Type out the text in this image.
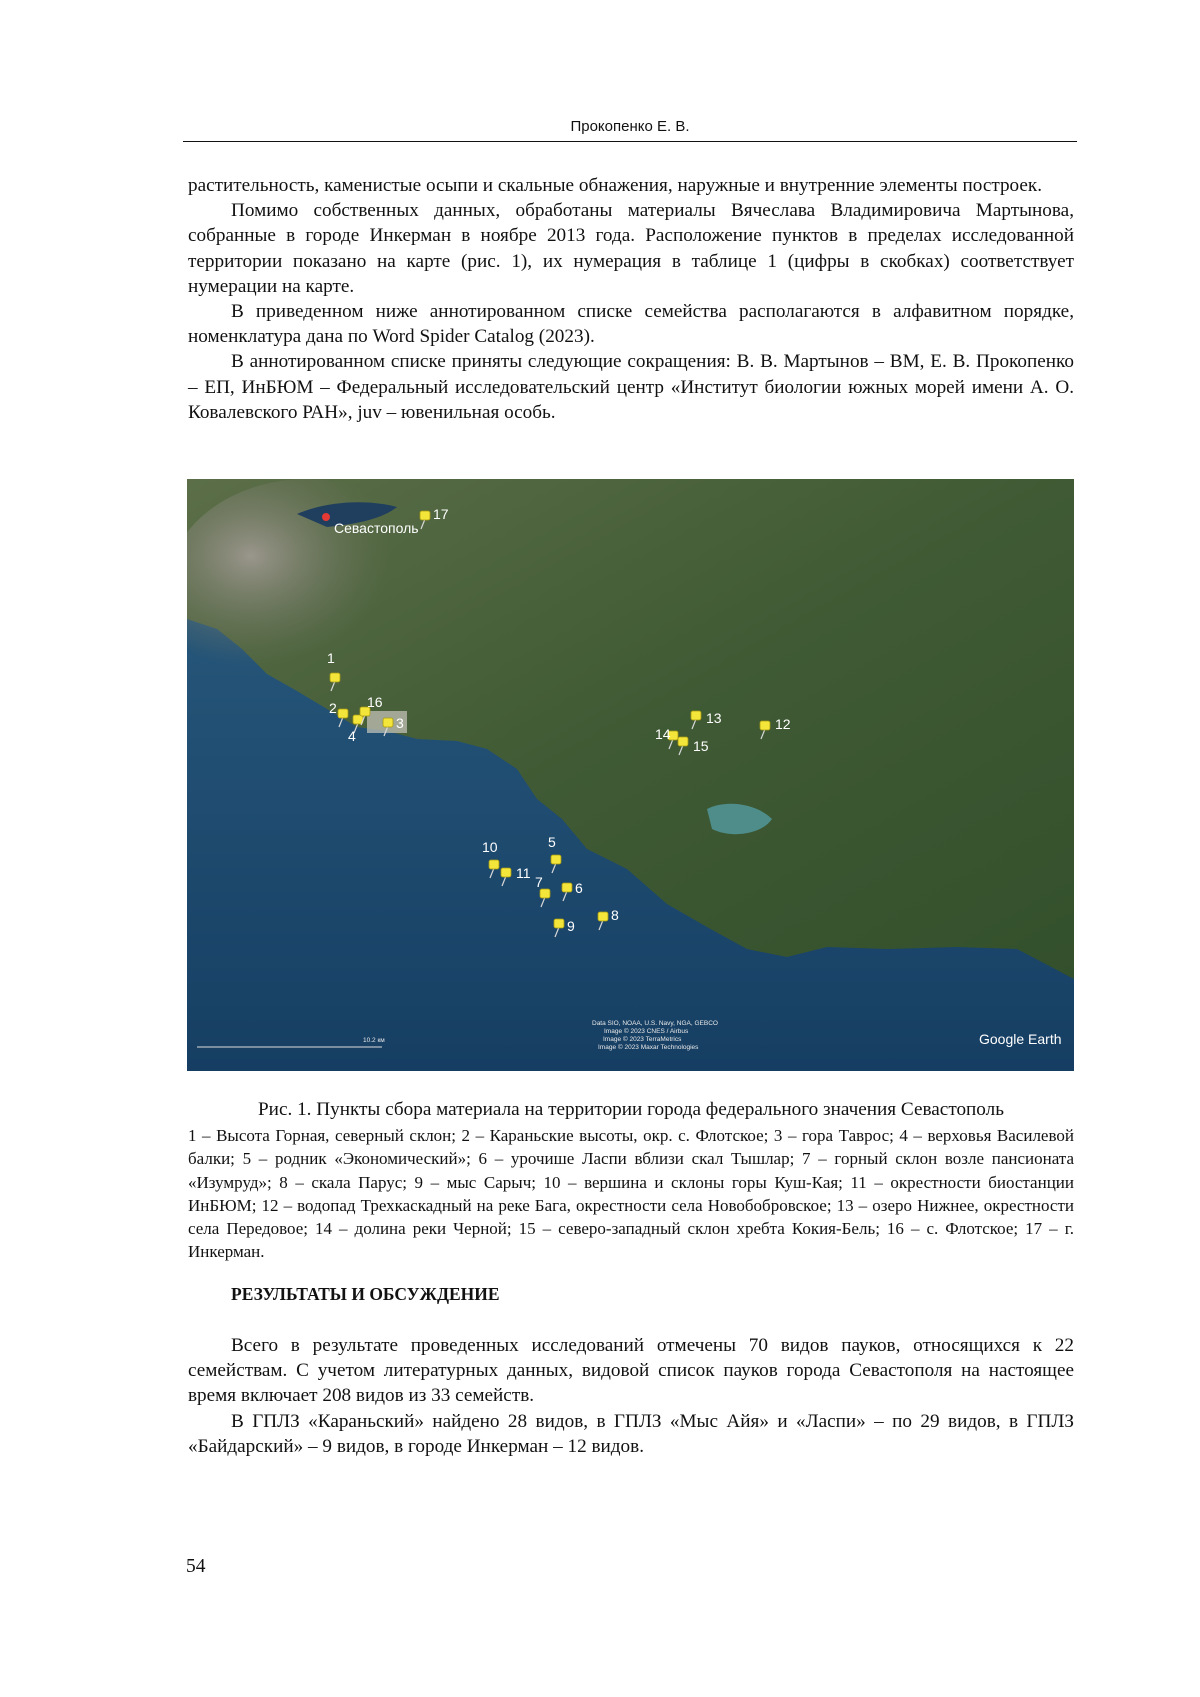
Прокопенко Е. В.

растительность, каменистые осыпи и скальные обнажения, наружные и внутренние элементы построек.

Помимо собственных данных, обработаны материалы Вячеслава Владимировича Мартынова, собранные в городе Инкерман в ноябре 2013 года. Расположение пунктов в пределах исследованной территории показано на карте (рис. 1), их нумерация в таблице 1 (цифры в скобках) соответствует нумерации на карте.

В приведенном ниже аннотированном списке семейства располагаются в алфавитном порядке, номенклатура дана по Word Spider Catalog (2023).

В аннотированном списке приняты следующие сокращения: В. В. Мартынов – ВМ, Е. В. Прокопенко – ЕП, ИнБЮМ – Федеральный исследовательский центр «Институт биологии южных морей имени А. О. Ковалевского РАН», juv – ювенильная особь.

Севастополь
1
2
3
4
5
6
7
8
9
10
11
12
13
14
15
16
17
10.2 км
Data SIO, NOAA, U.S. Navy, NGA, GEBCO
Image © 2023 CNES / Airbus
Image © 2023 TerraMetrics
Image © 2023 Maxar Technologies
Google Earth

Рис. 1. Пункты сбора материала на территории города федерального значения Севастополь

1 – Высота Горная, северный склон; 2 – Караньские высоты, окр. с. Флотское; 3 – гора Таврос; 4 – верховья Василевой балки; 5 – родник «Экономический»; 6 – урочише Ласпи вблизи скал Тышлар; 7 – горный склон возле пансионата «Изумруд»; 8 – скала Парус; 9 – мыс Сарыч; 10 – вершина и склоны горы Куш-Кая; 11 – окрестности биостанции ИнБЮМ; 12 – водопад Трехкаскадный на реке Бага, окрестности села Новобобровское; 13 – озеро Нижнее, окрестности села Передовое; 14 – долина реки Черной; 15 – северо-западный склон хребта Кокия-Бель; 16 – с. Флотское; 17 – г. Инкерман.

РЕЗУЛЬТАТЫ И ОБСУЖДЕНИЕ

Всего в результате проведенных исследований отмечены 70 видов пауков, относящихся к 22 семействам. С учетом литературных данных, видовой список пауков города Севастополя на настоящее время включает 208 видов из 33 семейств.

В ГПЛЗ «Караньский» найдено 28 видов, в ГПЛЗ «Мыс Айя» и «Ласпи» – по 29 видов, в ГПЛЗ «Байдарский» – 9 видов, в городе Инкерман – 12 видов.

54
